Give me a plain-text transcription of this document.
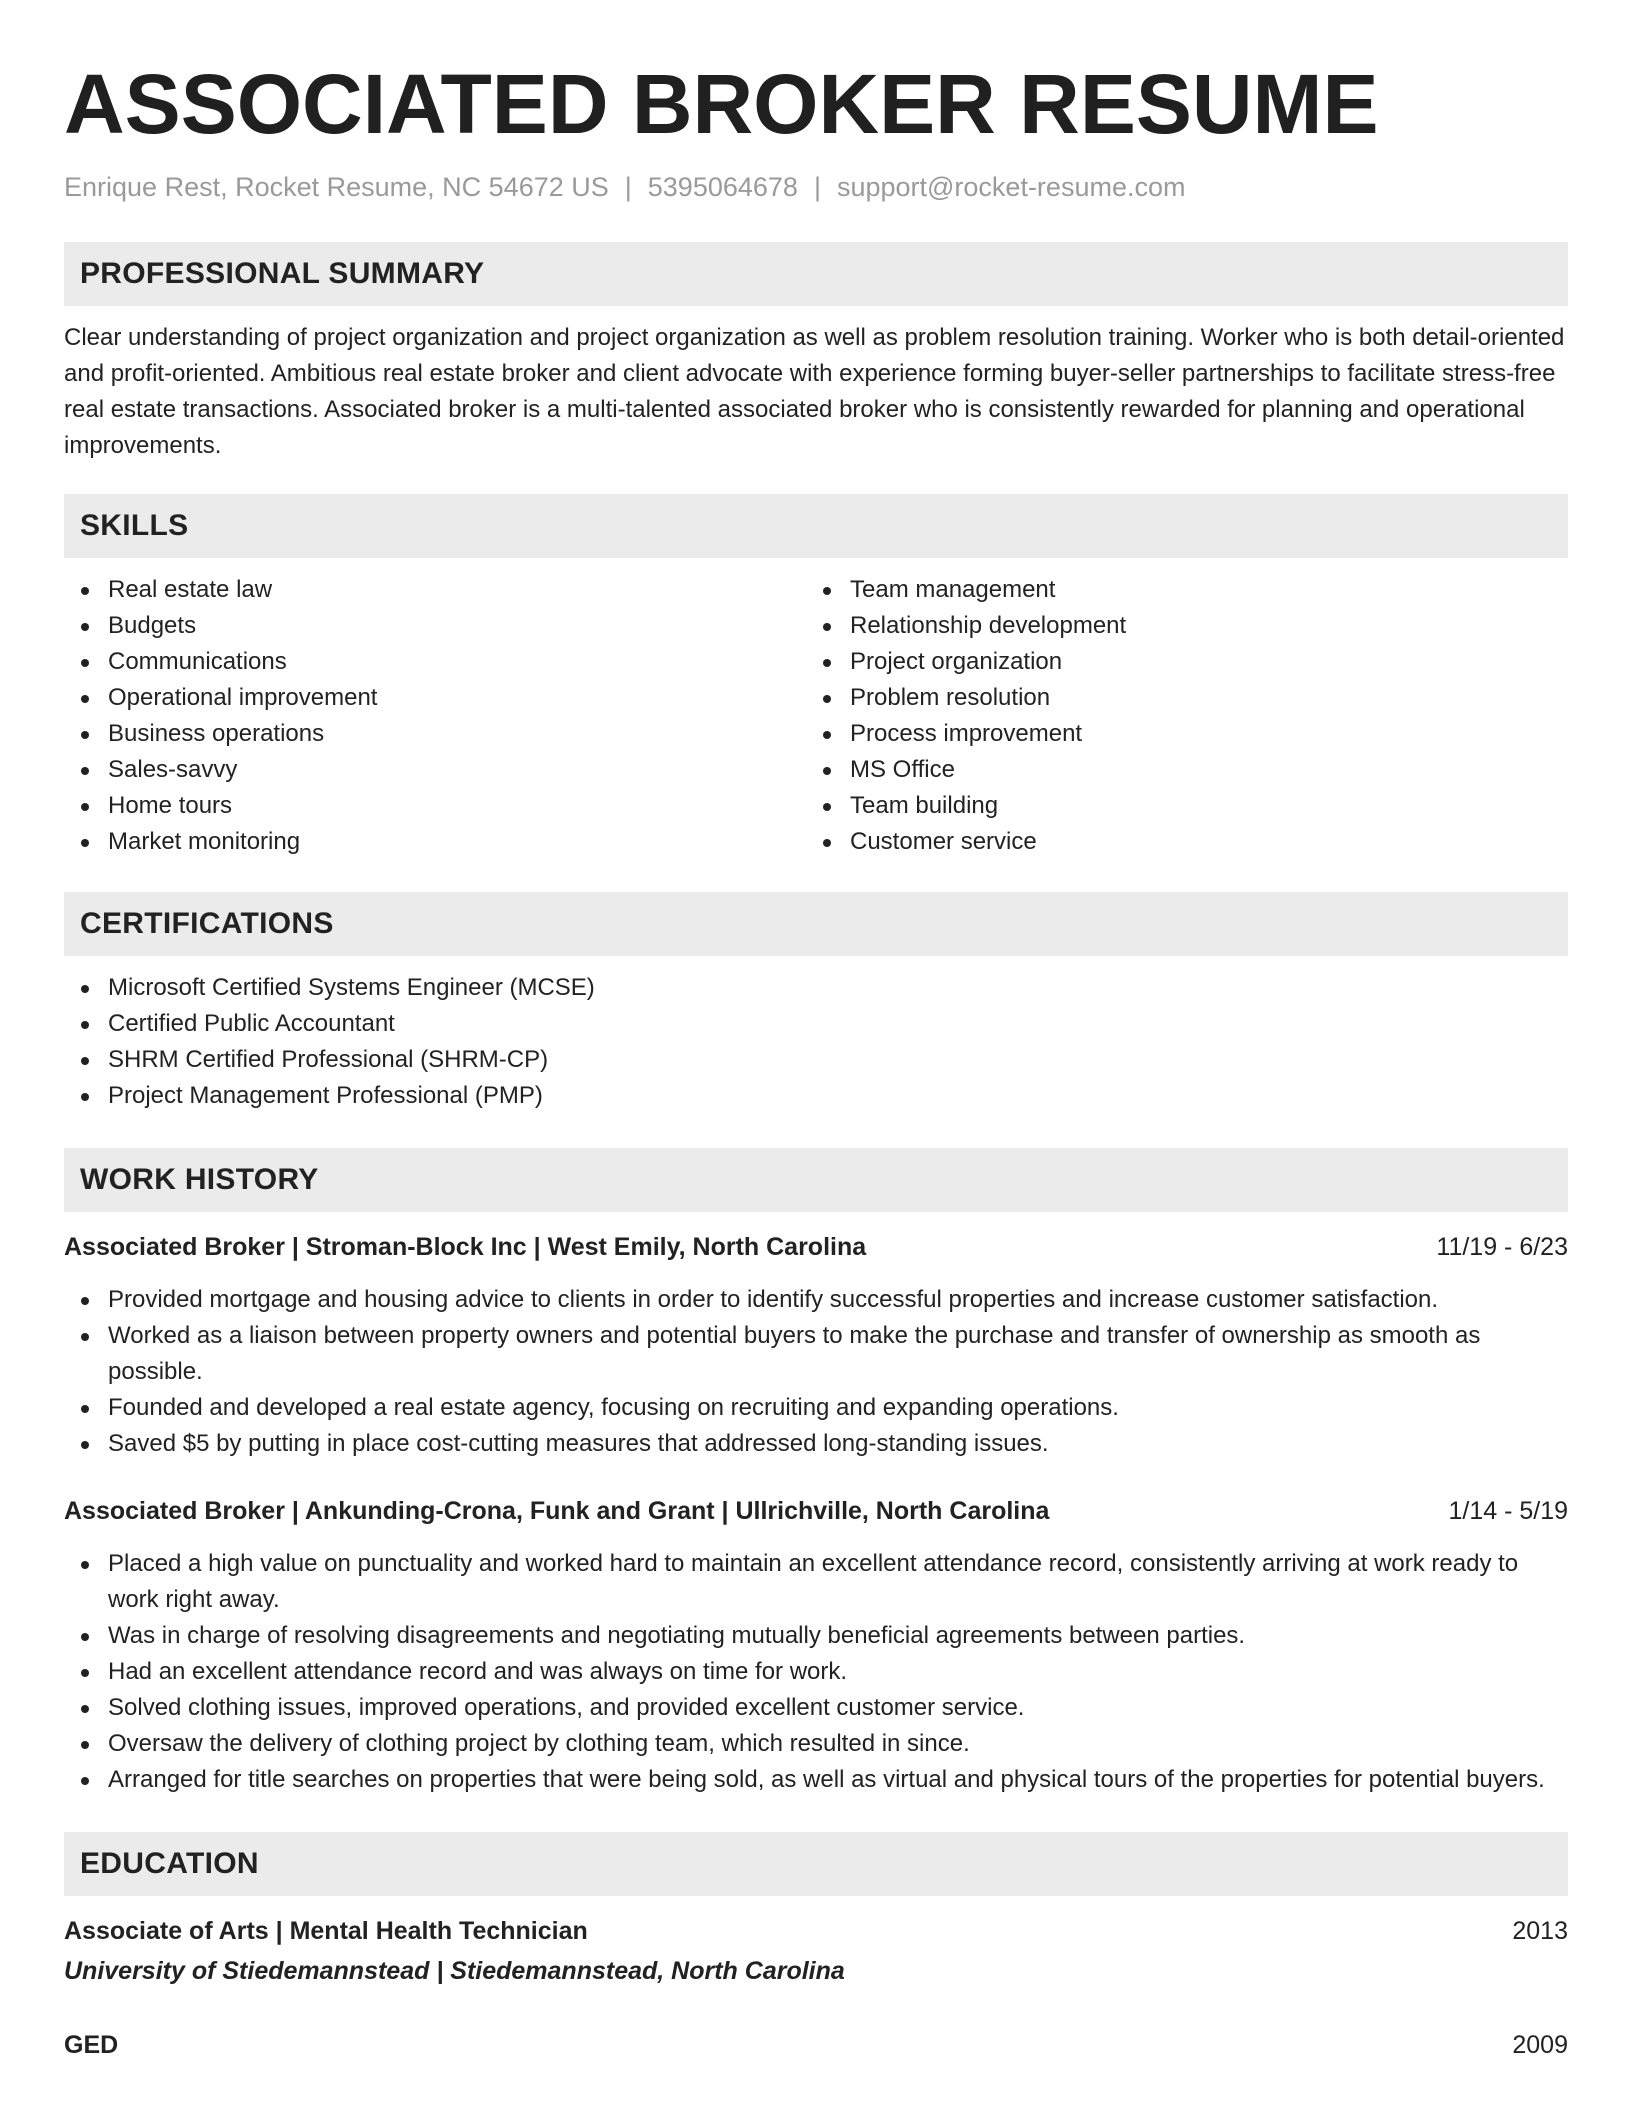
ASSOCIATED BROKER RESUME
Enrique Rest, Rocket Resume, NC 54672 US | 5395064678 | support@rocket-resume.com
PROFESSIONAL SUMMARY
Clear understanding of project organization and project organization as well as problem resolution training. Worker who is both detail-oriented and profit-oriented. Ambitious real estate broker and client advocate with experience forming buyer-seller partnerships to facilitate stress-free real estate transactions. Associated broker is a multi-talented associated broker who is consistently rewarded for planning and operational improvements.
SKILLS
Real estate law
Budgets
Communications
Operational improvement
Business operations
Sales-savvy
Home tours
Market monitoring
Team management
Relationship development
Project organization
Problem resolution
Process improvement
MS Office
Team building
Customer service
CERTIFICATIONS
Microsoft Certified Systems Engineer (MCSE)
Certified Public Accountant
SHRM Certified Professional (SHRM-CP)
Project Management Professional (PMP)
WORK HISTORY
Associated Broker | Stroman-Block Inc | West Emily, North Carolina	11/19 - 6/23
Provided mortgage and housing advice to clients in order to identify successful properties and increase customer satisfaction.
Worked as a liaison between property owners and potential buyers to make the purchase and transfer of ownership as smooth as possible.
Founded and developed a real estate agency, focusing on recruiting and expanding operations.
Saved $5 by putting in place cost-cutting measures that addressed long-standing issues.
Associated Broker | Ankunding-Crona, Funk and Grant | Ullrichville, North Carolina	1/14 - 5/19
Placed a high value on punctuality and worked hard to maintain an excellent attendance record, consistently arriving at work ready to work right away.
Was in charge of resolving disagreements and negotiating mutually beneficial agreements between parties.
Had an excellent attendance record and was always on time for work.
Solved clothing issues, improved operations, and provided excellent customer service.
Oversaw the delivery of clothing project by clothing team, which resulted in since.
Arranged for title searches on properties that were being sold, as well as virtual and physical tours of the properties for potential buyers.
EDUCATION
Associate of Arts | Mental Health Technician	2013
University of Stiedemannstead | Stiedemannstead, North Carolina
GED	2009
